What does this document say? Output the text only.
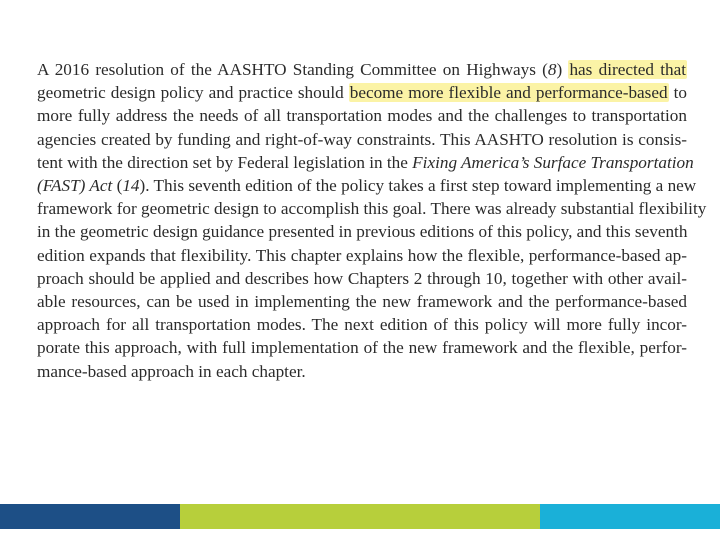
A 2016 resolution of the AASHTO Standing Committee on Highways (8) has directed that
geometric design policy and practice should become more flexible and performance-based to
more fully address the needs of all transportation modes and the challenges to transportation
agencies created by funding and right-of-way constraints. This AASHTO resolution is consis-
tent with the direction set by Federal legislation in the Fixing America’s Surface Transportation
(FAST) Act (14). This seventh edition of the policy takes a first step toward implementing a new
framework for geometric design to accomplish this goal. There was already substantial flexibility
in the geometric design guidance presented in previous editions of this policy, and this seventh
edition expands that flexibility. This chapter explains how the flexible, performance-based ap-
proach should be applied and describes how Chapters 2 through 10, together with other avail-
able resources, can be used in implementing the new framework and the performance-based
approach for all transportation modes. The next edition of this policy will more fully incor-
porate this approach, with full implementation of the new framework and the flexible, perfor-
mance-based approach in each chapter.
